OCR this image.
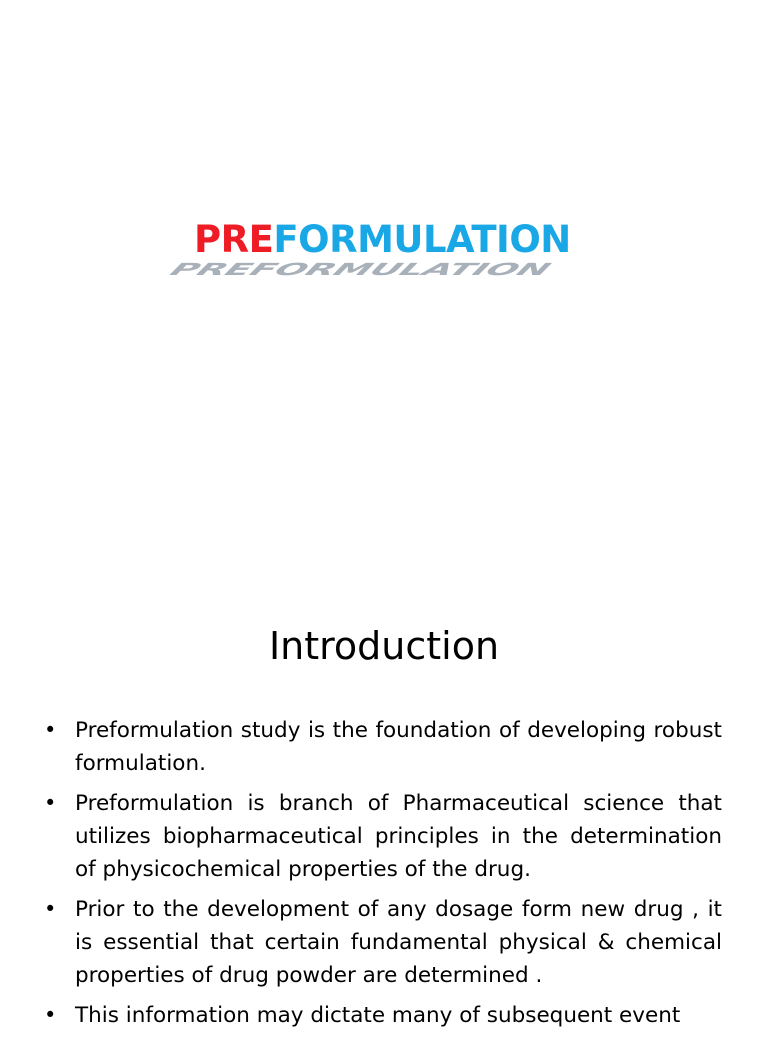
PREFORMULATION
PREFORMULATION
Introduction
• Preformulation study is the foundation of developing robust formulation.
• Preformulation is branch of Pharmaceutical science that utilizes biopharmaceutical principles in the determination of physicochemical properties of the drug.
• Prior to the development of any dosage form new drug , it is essential that certain fundamental physical & chemical properties of drug powder are determined .
• This information may dictate many of subsequent event
